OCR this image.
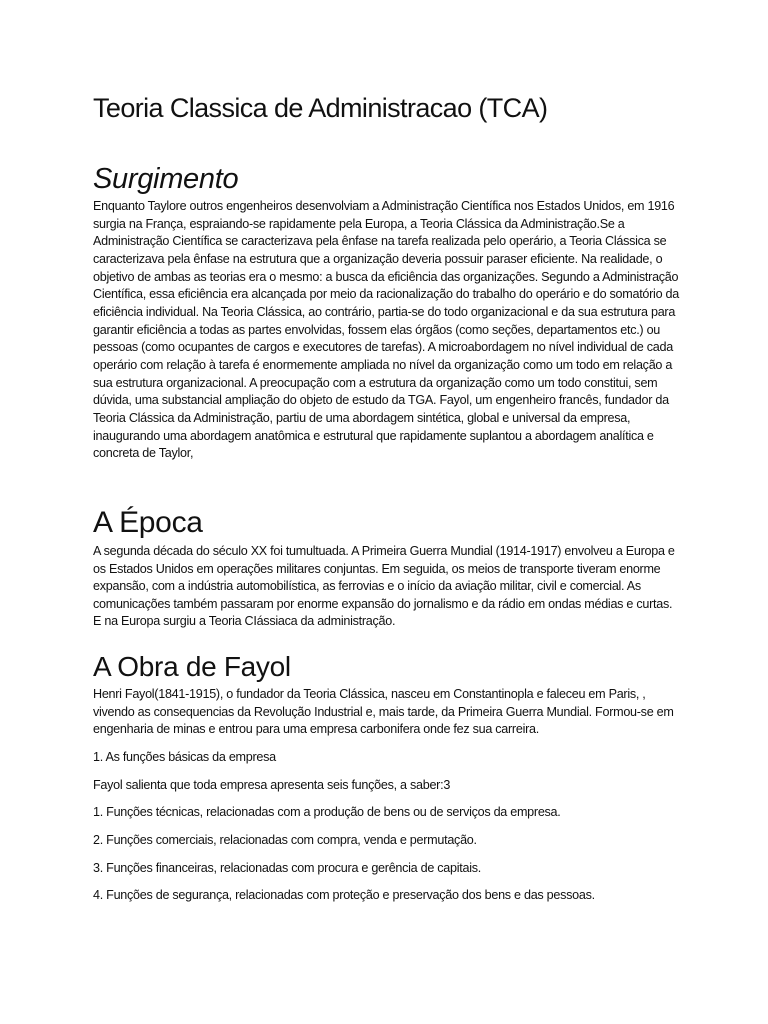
Teoria Classica de Administracao (TCA)
Surgimento

Enquanto Taylore outros engenheiros desenvolviam a Administração Científica nos Estados Unidos, em 1916 surgia na França, espraiando-se rapidamente pela Europa, a Teoria Clássica da Administração.Se a Administração Científica se caracterizava pela ênfase na tarefa realizada pelo operário, a Teoria Clássica se caracterizava pela ênfase na estrutura que a organização deveria possuir paraser eficiente. Na realidade, o objetivo de ambas as teorias era o mesmo: a busca da eficiência das organizações. Segundo a Administração Científica, essa eficiência era alcançada por meio da racionalização do trabalho do operário e do somatório da eficiência individual. Na Teoria Clássica, ao contrário, partia-se do todo organizacional e da sua estrutura para garantir eficiência a todas as partes envolvidas, fossem elas órgãos (como seções, departamentos etc.) ou pessoas (como ocupantes de cargos e executores de tarefas). A microabordagem no nível individual de cada operário com relação à tarefa é enormemente ampliada no nível da organização como um todo em relação a sua estrutura organizacional. A preocupação com a estrutura da organização como um todo constitui, sem dúvida, uma substancial ampliação do objeto de estudo da TGA. Fayol, um engenheiro francês, fundador da Teoria Clássica da Administração, partiu de uma abordagem sintética, global e universal da empresa, inaugurando uma abordagem anatômica e estrutural que rapidamente suplantou a abordagem analítica e concreta de Taylor,

A Época

A segunda década do século XX foi tumultuada. A Primeira Guerra Mundial (1914-1917) envolveu a Europa e os Estados Unidos em operações militares conjuntas. Em seguida, os meios de transporte tiveram enorme expansão, com a indústria automobilística, as ferrovias e o início da aviação militar, civil e comercial. As comunicações também passaram por enorme expansão do jornalismo e da rádio em ondas médias e curtas. E na Europa surgiu a Teoria CIássiaca da administração.

A Obra de Fayol

Henri Fayol(1841-1915), o fundador da Teoria Clássica, nasceu em Constantinopla e faleceu em Paris, , vivendo as consequencias da Revolução Industrial e, mais tarde, da Primeira Guerra Mundial. Formou-se em engenharia de minas e entrou para uma empresa carbonifera onde fez sua carreira.

1. As funções básicas da empresa

Fayol salienta que toda empresa apresenta seis funções, a saber:3

1. Funções técnicas, relacionadas com a produção de bens ou de serviços da empresa.

2. Funções comerciais, relacionadas com compra, venda e permutação.

3. Funções financeiras, relacionadas com procura e gerência de capitais.

4. Funções de segurança, relacionadas com proteção e preservação dos bens e das pessoas.
